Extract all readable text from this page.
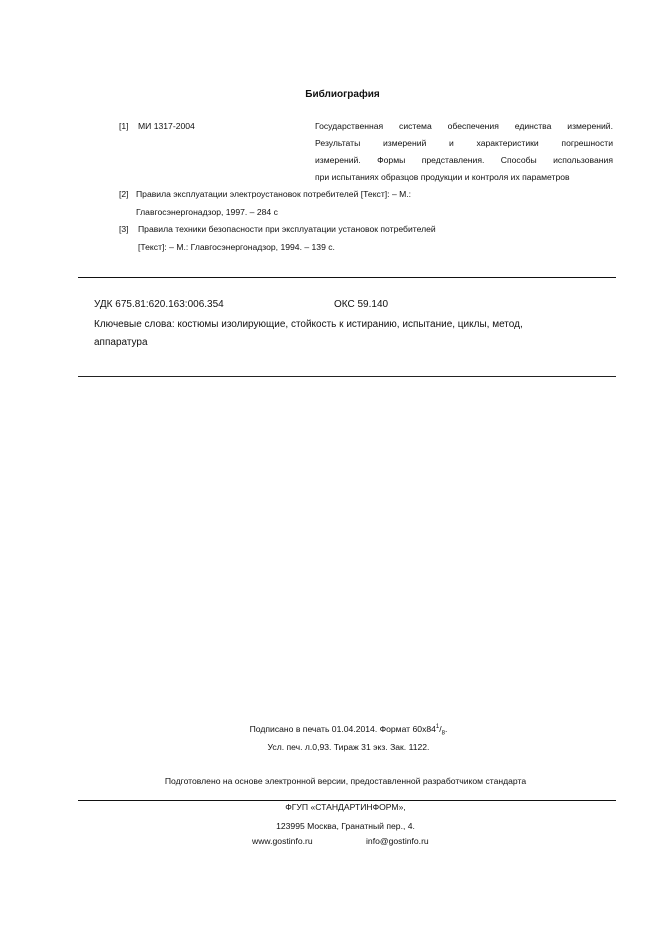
Библиография
[1] МИ 1317-2004	Государственная система обеспечения единства измерений.
Результаты измерений и характеристики погрешности
измерений. Формы представления. Способы использования
при испытаниях образцов продукции и контроля их параметров
[2] Правила эксплуатации электроустановок потребителей [Текст]: – М.:
Главгосэнергонадзор, 1997. – 284 с
[3] Правила техники безопасности при эксплуатации установок потребителей
[Текст]: – М.: Главгосэнергонадзор, 1994. – 139 с.
УДК 675.81:620.163:006.354	ОКС 59.140
Ключевые слова: костюмы изолирующие, стойкость к истиранию, испытание, циклы, метод,
аппаратура
Подписано в печать 01.04.2014. Формат $60x84^1/_8$.
Усл. печ. л.0,93. Тираж 31 экз. Зак. 1122.
Подготовлено на основе электронной версии, предоставленной разработчиком стандарта
ФГУП «СТАНДАРТИНФОРМ»,
123995 Москва, Гранатный пер., 4.
www.gostinfo.ru	info@gostinfo.ru
